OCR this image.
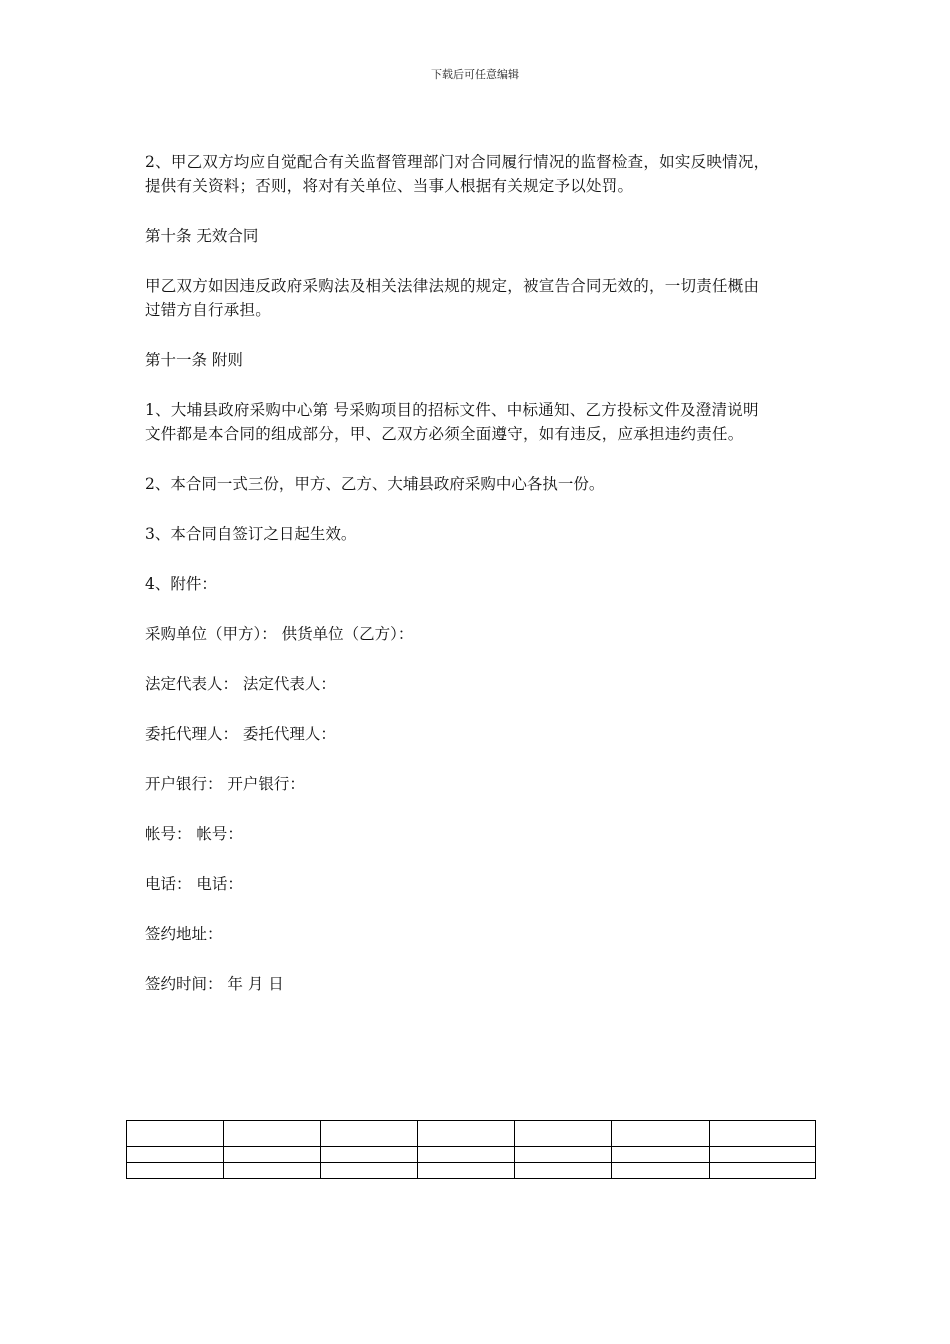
下载后可任意编辑

2、甲乙双方均应自觉配合有关监督管理部门对合同履行情况的监督检查，如实反映情况，
提供有关资料；否则，将对有关单位、当事人根据有关规定予以处罚。

第十条 无效合同

甲乙双方如因违反政府采购法及相关法律法规的规定，被宣告合同无效的，一切责任概由
过错方自行承担。

第十一条 附则

1、大埔县政府采购中心第 号采购项目的招标文件、中标通知、乙方投标文件及澄清说明
文件都是本合同的组成部分，甲、乙双方必须全面遵守，如有违反，应承担违约责任。

2、本合同一式三份，甲方、乙方、大埔县政府采购中心各执一份。

3、本合同自签订之日起生效。

4、附件：

采购单位（甲方）： 供货单位（乙方）：

法定代表人： 法定代表人：

委托代理人： 委托代理人：

开户银行： 开户银行：

帐号： 帐号：

电话： 电话：

签约地址：

签约时间： 年 月 日
